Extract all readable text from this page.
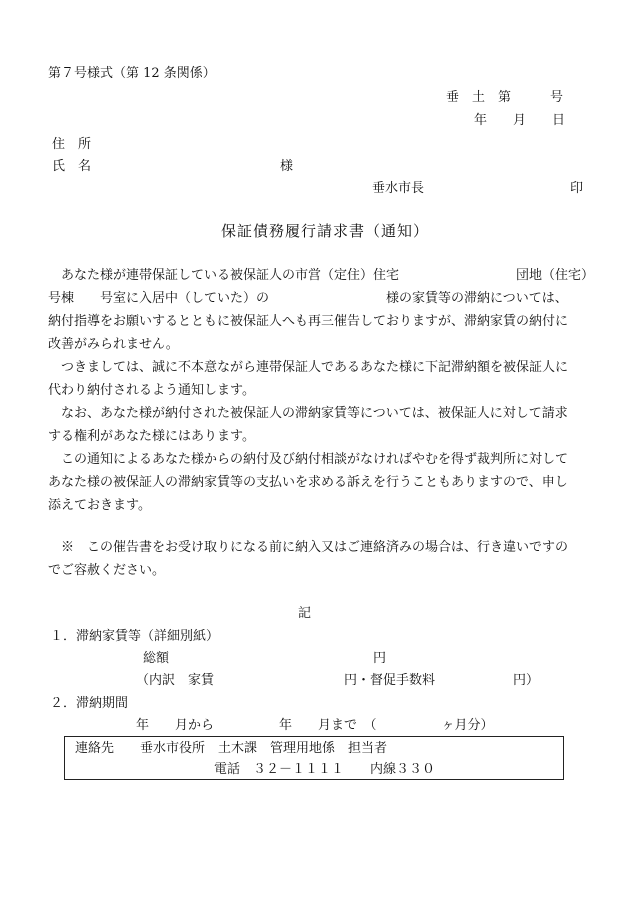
第７号様式（第 12 条関係）
垂　土　第　　　号
年　　月　　日
住　所
氏　名	様
垂水市長	印
保証債務履行請求書（通知）
　あなた様が連帯保証している被保証人の市営（定住）住宅　　　　　　　　　団地（住宅）
号棟　　号室に入居中（していた）の　　　　　　　　　様の家賃等の滞納については、
納付指導をお願いするとともに被保証人へも再三催告しておりますが、滞納家賃の納付に
改善がみられません。
　つきましては、誠に不本意ながら連帯保証人であるあなた様に下記滞納額を被保証人に
代わり納付されるよう通知します。
　なお、あなた様が納付された被保証人の滞納家賃等については、被保証人に対して請求
する権利があなた様にはあります。
　この通知によるあなた様からの納付及び納付相談がなければやむを得ず裁判所に対して
あなた様の被保証人の滞納家賃等の支払いを求める訴えを行うこともありますので、申し
添えておきます。
　※　この催告書をお受け取りになる前に納入又はご連絡済みの場合は、行き違いですの
でご容赦ください。
記
１．滞納家賃等（詳細別紙）
総額	円
（内訳　家賃　　　　　　　　　　円・督促手数料　　　　　　円）
２．滞納期間
年　　月から　　　　　年　　月まで　（　　　　　ヶ月分）
連絡先　　垂水市役所　土木課　管理用地係　担当者
電話　３２－１１１１　　内線３３０
